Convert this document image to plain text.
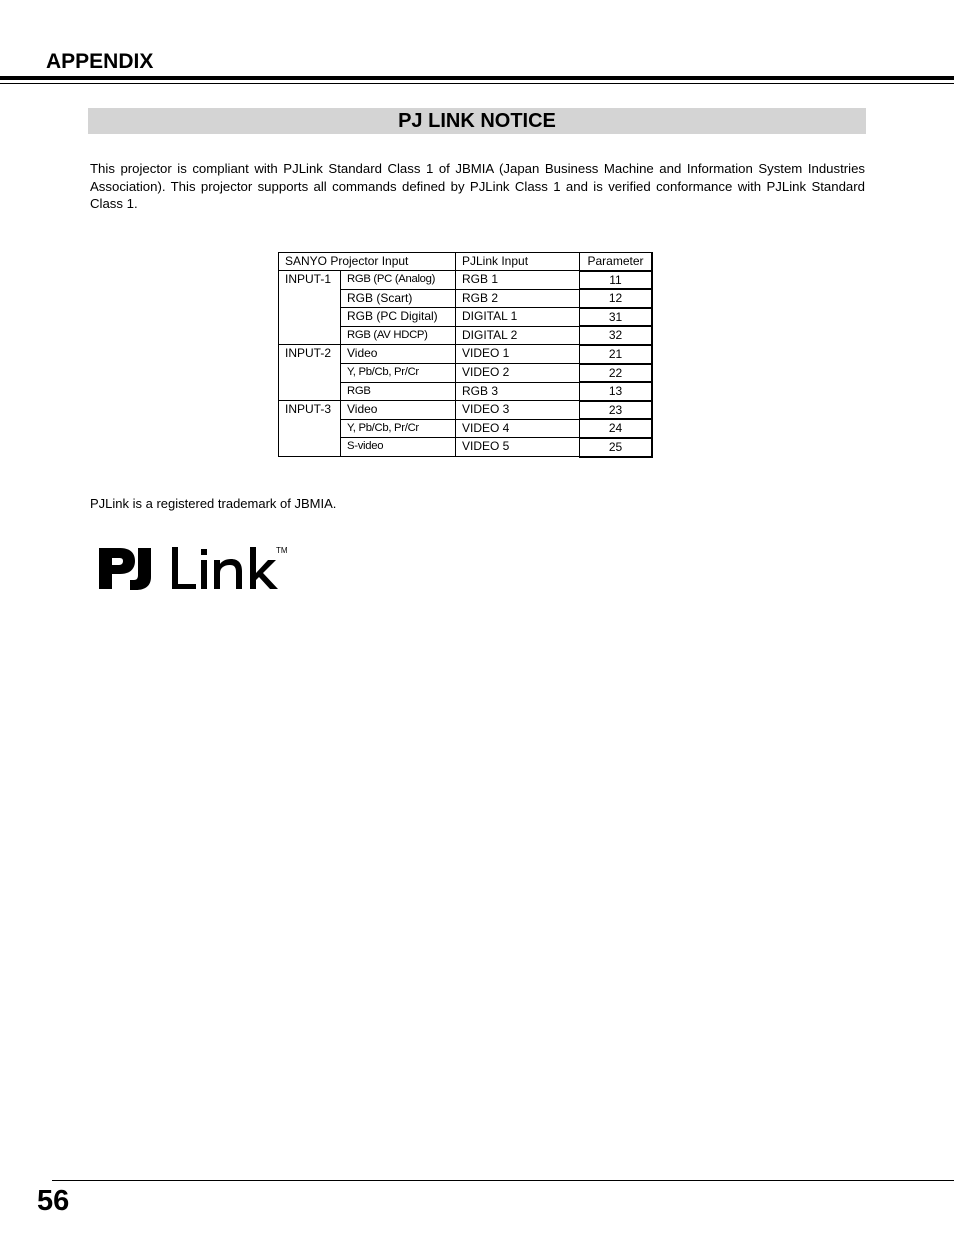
APPENDIX
PJ LINK NOTICE

This projector is compliant with PJLink Standard Class 1 of JBMIA (Japan Business Machine and Information System Industries Association). This projector supports all commands defined by PJLink Class 1 and is verified conformance with PJLink Standard Class 1.

SANYO Projector Input		PJLink Input	Parameter
INPUT-1	RGB (PC (Analog)	RGB 1	11
	RGB (Scart)	RGB 2	12
	RGB (PC Digital)	DIGITAL 1	31
	RGB (AV HDCP)	DIGITAL 2	32
INPUT-2	Video	VIDEO 1	21
	Y, Pb/Cb, Pr/Cr	VIDEO 2	22
	RGB	RGB 3	13
INPUT-3	Video	VIDEO 3	23
	Y, Pb/Cb, Pr/Cr	VIDEO 4	24
	S-video	VIDEO 5	25

PJLink is a registered trademark of JBMIA.

TM
56
